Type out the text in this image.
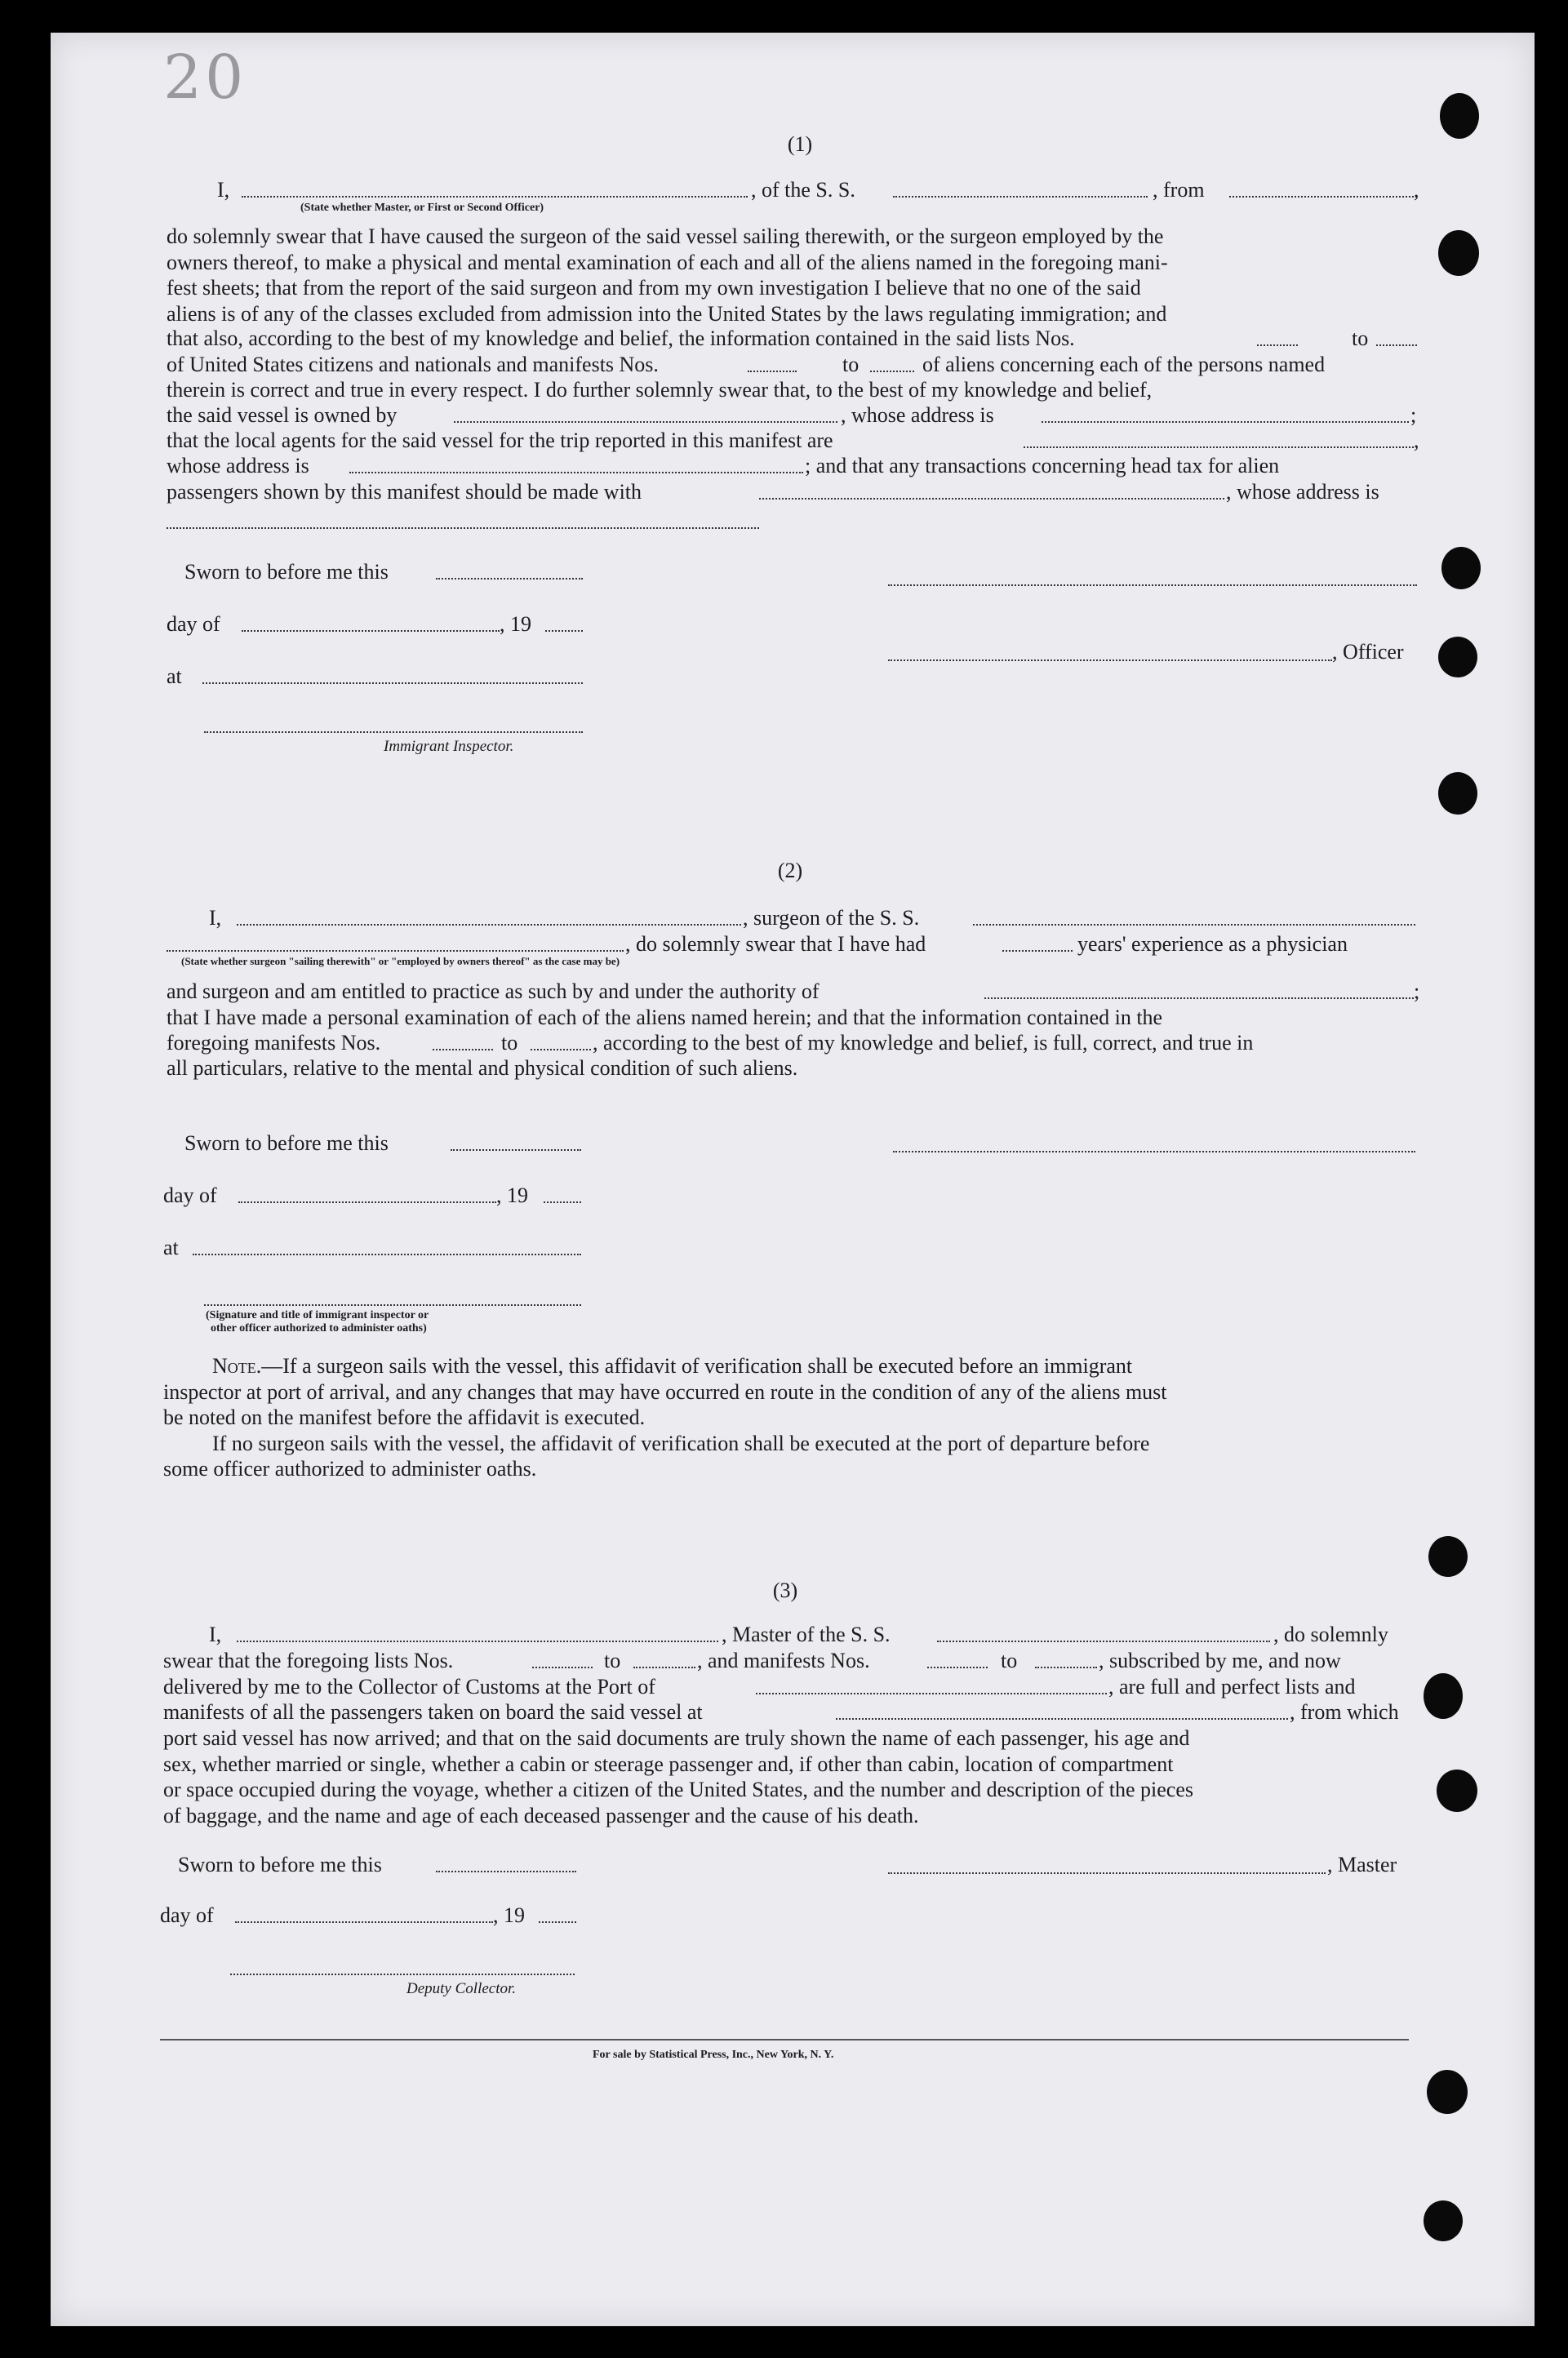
20
(1)
I,
(State whether Master, or First or Second Officer)
, of the S. S.	, from	,
do solemnly swear that I have caused the surgeon of the said vessel sailing therewith, or the surgeon employed by the
owners thereof, to make a physical and mental examination of each and all of the aliens named in the foregoing mani-
fest sheets; that from the report of the said surgeon and from my own investigation I believe that no one of the said
aliens is of any of the classes excluded from admission into the United States by the laws regulating immigration; and
that also, according to the best of my knowledge and belief, the information contained in the said lists Nos.	to
of United States citizens and nationals and manifests Nos.	to	of aliens concerning each of the persons named
therein is correct and true in every respect. I do further solemnly swear that, to the best of my knowledge and belief,
the said vessel is owned by	, whose address is	;
that the local agents for the said vessel for the trip reported in this manifest are	,
whose address is	; and that any transactions concerning head tax for alien
passengers shown by this manifest should be made with	, whose address is
Sworn to before me this
day of	, 19
, Officer
at
Immigrant Inspector.
(2)
I,	, surgeon of the S. S.
, do solemnly swear that I have had	years' experience as a physician
(State whether surgeon "sailing therewith" or "employed by owners thereof" as the case may be)
and surgeon and am entitled to practice as such by and under the authority of	;
that I have made a personal examination of each of the aliens named herein; and that the information contained in the
foregoing manifests Nos.	to	, according to the best of my knowledge and belief, is full, correct, and true in
all particulars, relative to the mental and physical condition of such aliens.
Sworn to before me this
day of	, 19
at
(Signature and title of immigrant inspector or
other officer authorized to administer oaths)
Note.—If a surgeon sails with the vessel, this affidavit of verification shall be executed before an immigrant
inspector at port of arrival, and any changes that may have occurred en route in the condition of any of the aliens must
be noted on the manifest before the affidavit is executed.
If no surgeon sails with the vessel, the affidavit of verification shall be executed at the port of departure before
some officer authorized to administer oaths.
(3)
I,	, Master of the S. S.	, do solemnly
swear that the foregoing lists Nos.	to	, and manifests Nos.	to	, subscribed by me, and now
delivered by me to the Collector of Customs at the Port of	, are full and perfect lists and
manifests of all the passengers taken on board the said vessel at	, from which
port said vessel has now arrived; and that on the said documents are truly shown the name of each passenger, his age and
sex, whether married or single, whether a cabin or steerage passenger and, if other than cabin, location of compartment
or space occupied during the voyage, whether a citizen of the United States, and the number and description of the pieces
of baggage, and the name and age of each deceased passenger and the cause of his death.
Sworn to before me this	, Master
day of	, 19
Deputy Collector.
For sale by Statistical Press, Inc., New York, N. Y.
